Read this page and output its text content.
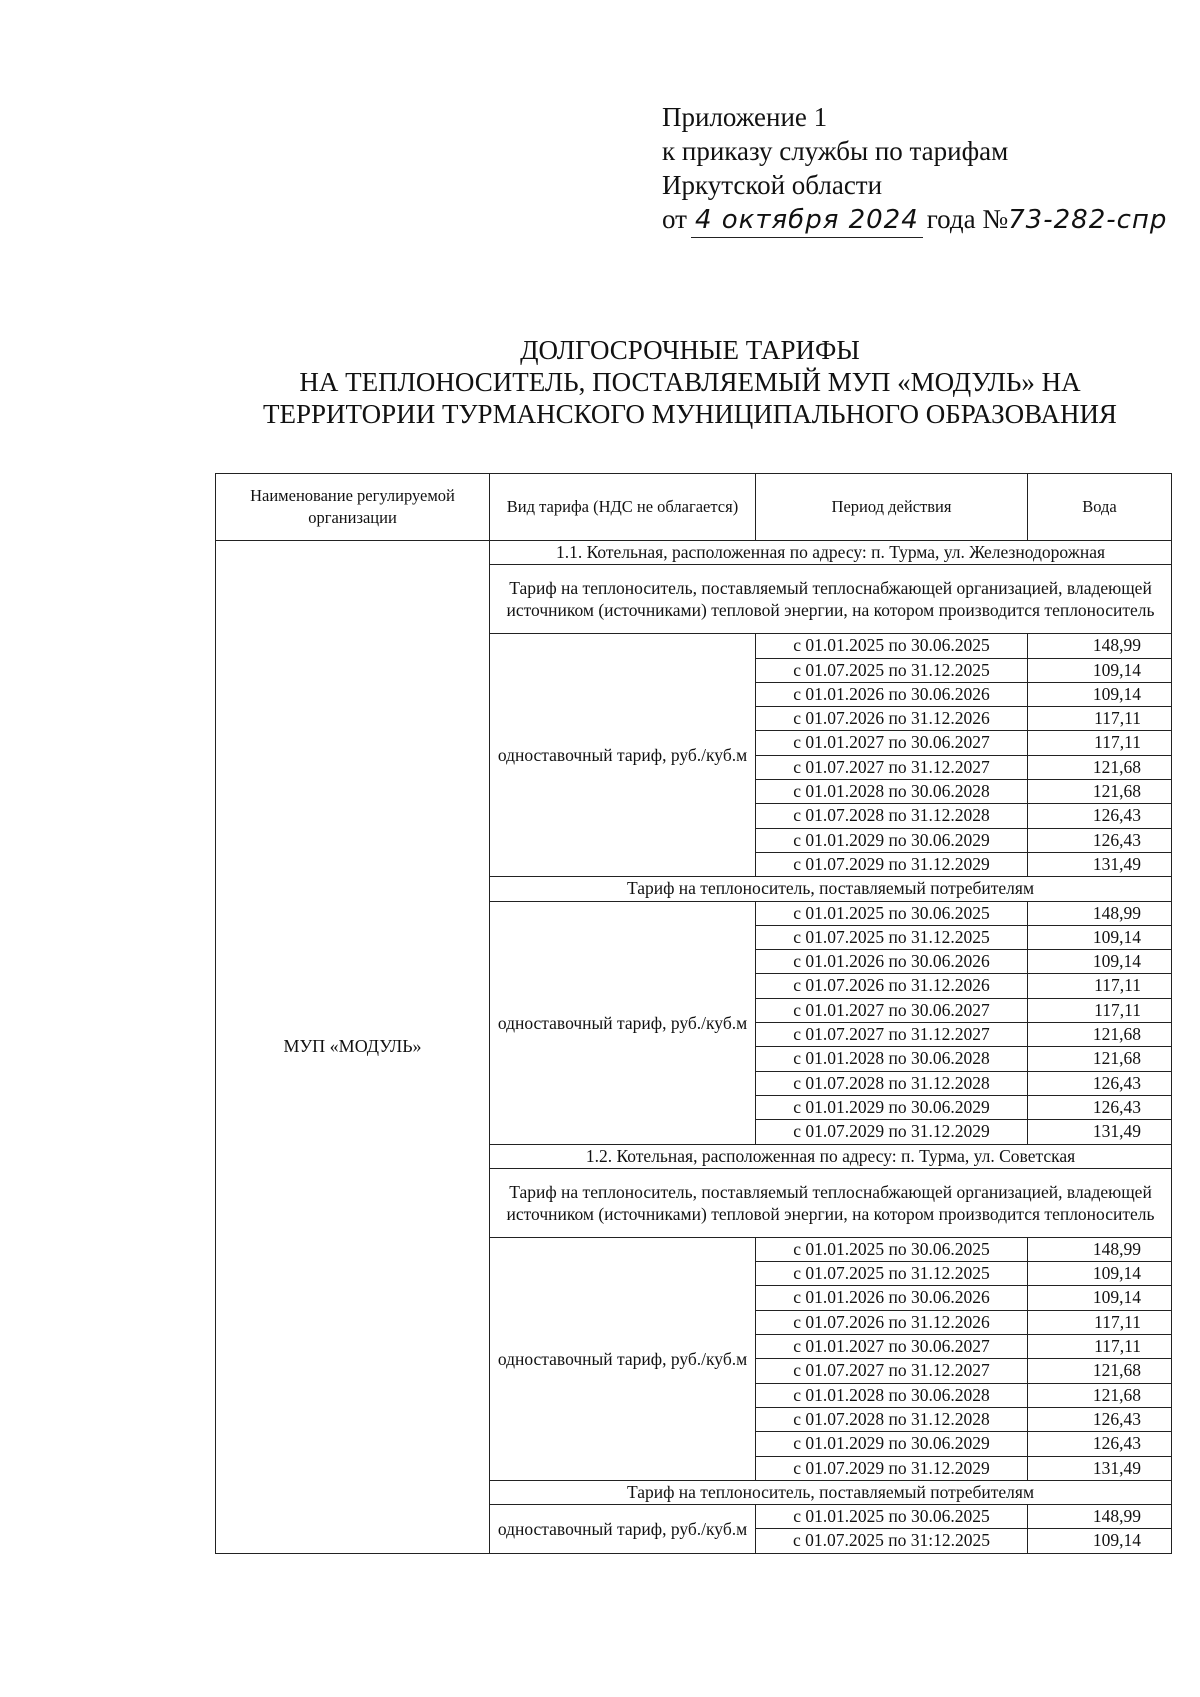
Приложение 1
к приказу службы по тарифам
Иркутской области
от 4 октября 2024 года №73-282-спр
ДОЛГОСРОЧНЫЕ ТАРИФЫ
НА ТЕПЛОНОСИТЕЛЬ, ПОСТАВЛЯЕМЫЙ МУП «МОДУЛЬ» НА
ТЕРРИТОРИИ ТУРМАНСКОГО МУНИЦИПАЛЬНОГО ОБРАЗОВАНИЯ
Наименование регулируемой организации	Вид тарифа (НДС не облагается)	Период действия	Вода
МУП «МОДУЛЬ»	1.1. Котельная, расположенная по адресу: п. Турма, ул. Железнодорожная		
	Тариф на теплоноситель, поставляемый теплоснабжающей организацией, владеющей источником (источниками) тепловой энергии, на котором производится теплоноситель		
	одноставочный тариф, руб./куб.м	с 01.01.2025 по 30.06.2025	148,99
		с 01.07.2025 по 31.12.2025	109,14
		с 01.01.2026 по 30.06.2026	109,14
		с 01.07.2026 по 31.12.2026	117,11
		с 01.01.2027 по 30.06.2027	117,11
		с 01.07.2027 по 31.12.2027	121,68
		с 01.01.2028 по 30.06.2028	121,68
		с 01.07.2028 по 31.12.2028	126,43
		с 01.01.2029 по 30.06.2029	126,43
		с 01.07.2029 по 31.12.2029	131,49
	Тариф на теплоноситель, поставляемый потребителям		
	одноставочный тариф, руб./куб.м	с 01.01.2025 по 30.06.2025	148,99
		с 01.07.2025 по 31.12.2025	109,14
		с 01.01.2026 по 30.06.2026	109,14
		с 01.07.2026 по 31.12.2026	117,11
		с 01.01.2027 по 30.06.2027	117,11
		с 01.07.2027 по 31.12.2027	121,68
		с 01.01.2028 по 30.06.2028	121,68
		с 01.07.2028 по 31.12.2028	126,43
		с 01.01.2029 по 30.06.2029	126,43
		с 01.07.2029 по 31.12.2029	131,49
	1.2. Котельная, расположенная по адресу: п. Турма, ул. Советская		
	Тариф на теплоноситель, поставляемый теплоснабжающей организацией, владеющей источником (источниками) тепловой энергии, на котором производится теплоноситель		
	одноставочный тариф, руб./куб.м	с 01.01.2025 по 30.06.2025	148,99
		с 01.07.2025 по 31.12.2025	109,14
		с 01.01.2026 по 30.06.2026	109,14
		с 01.07.2026 по 31.12.2026	117,11
		с 01.01.2027 по 30.06.2027	117,11
		с 01.07.2027 по 31.12.2027	121,68
		с 01.01.2028 по 30.06.2028	121,68
		с 01.07.2028 по 31.12.2028	126,43
		с 01.01.2029 по 30.06.2029	126,43
		с 01.07.2029 по 31.12.2029	131,49
	Тариф на теплоноситель, поставляемый потребителям		
	одноставочный тариф, руб./куб.м	с 01.01.2025 по 30.06.2025	148,99
		с 01.07.2025 по 31:12.2025	109,14
